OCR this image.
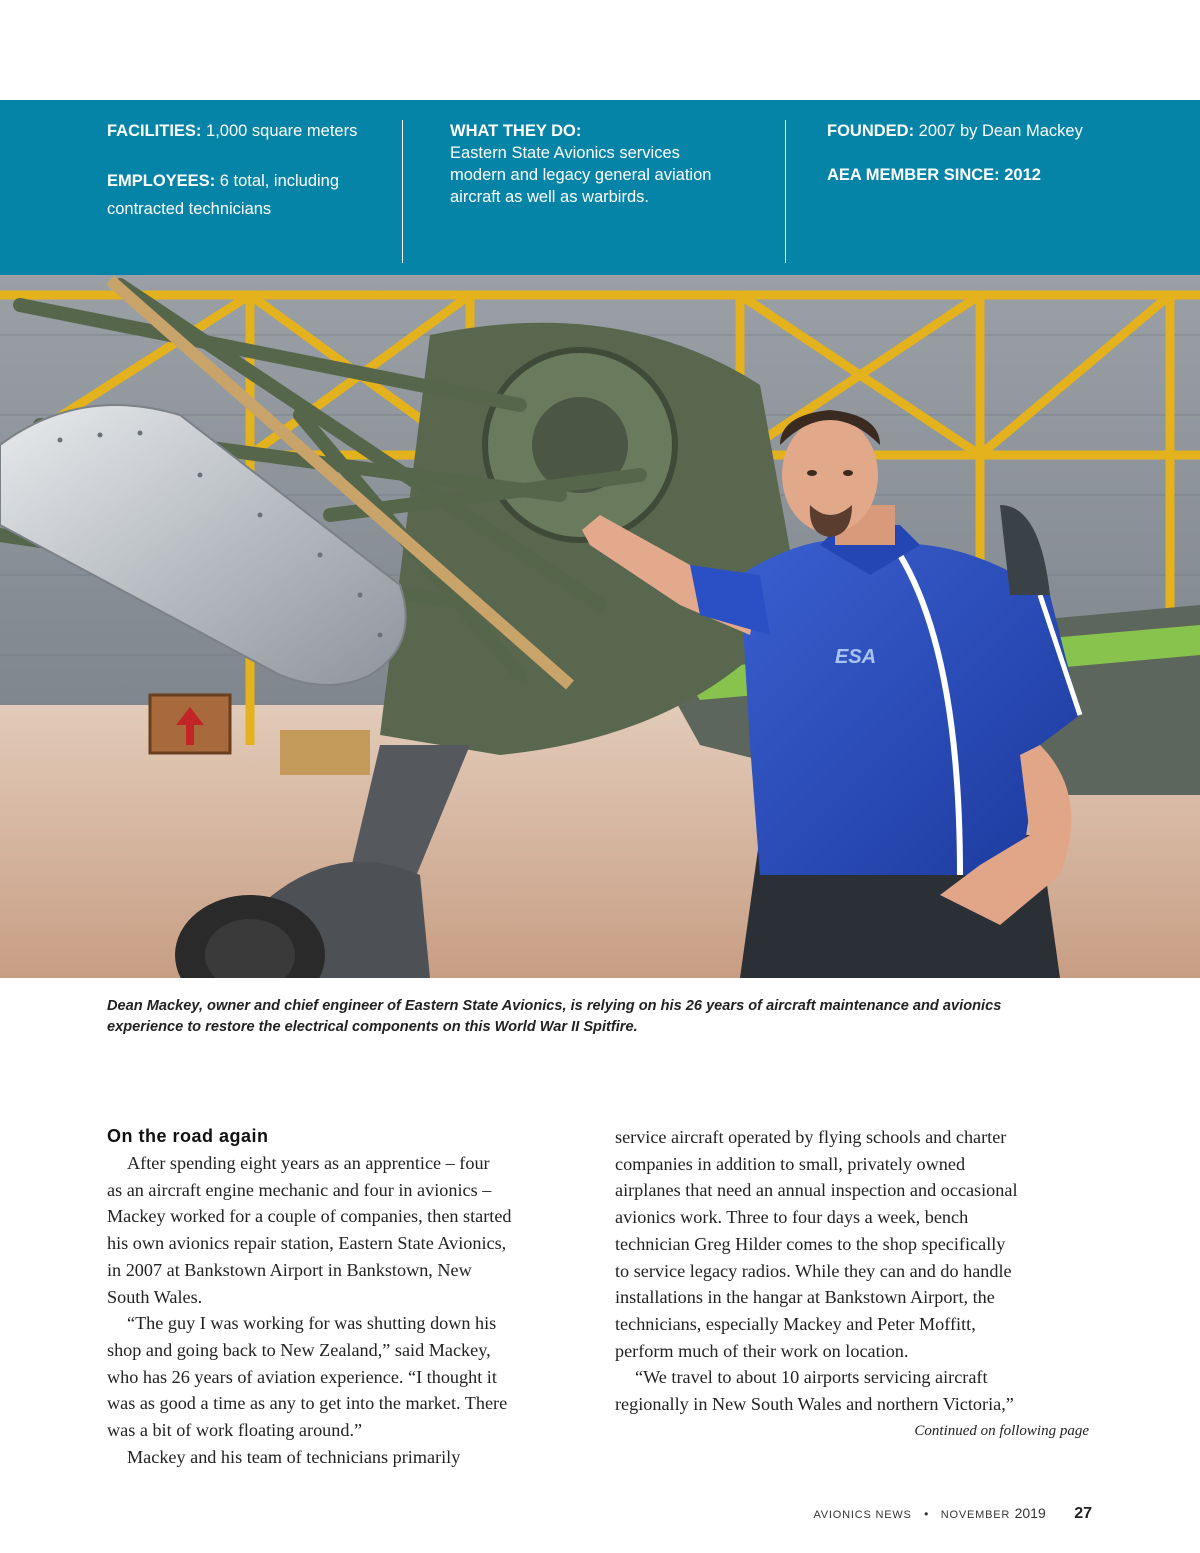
FACILITIES: 1,000 square meters
EMPLOYEES: 6 total, including
contracted technicians
WHAT THEY DO:
Eastern State Avionics services
modern and legacy general aviation
aircraft as well as warbirds.
FOUNDED: 2007 by Dean Mackey
AEA MEMBER SINCE: 2012
ESA
Dean Mackey, owner and chief engineer of Eastern State Avionics, is relying on his 26 years of aircraft maintenance and avionics
experience to restore the electrical components on this World War II Spitfire.
On the road again

After spending eight years as an apprentice – four

as an aircraft engine mechanic and four in avionics –

Mackey worked for a couple of companies, then started

his own avionics repair station, Eastern State Avionics,

in 2007 at Bankstown Airport in Bankstown, New

South Wales.

“The guy I was working for was shutting down his

shop and going back to New Zealand,” said Mackey,

who has 26 years of aviation experience. “I thought it

was as good a time as any to get into the market. There

was a bit of work floating around.”

Mackey and his team of technicians primarily

service aircraft operated by flying schools and charter

companies in addition to small, privately owned

airplanes that need an annual inspection and occasional

avionics work. Three to four days a week, bench

technician Greg Hilder comes to the shop specifically

to service legacy radios. While they can and do handle

installations in the hangar at Bankstown Airport, the

technicians, especially Mackey and Peter Moffitt,

perform much of their work on location.

“We travel to about 10 airports servicing aircraft

regionally in New South Wales and northern Victoria,”

Continued on following page
AVIONICS NEWS • NOVEMBER 2019 27
